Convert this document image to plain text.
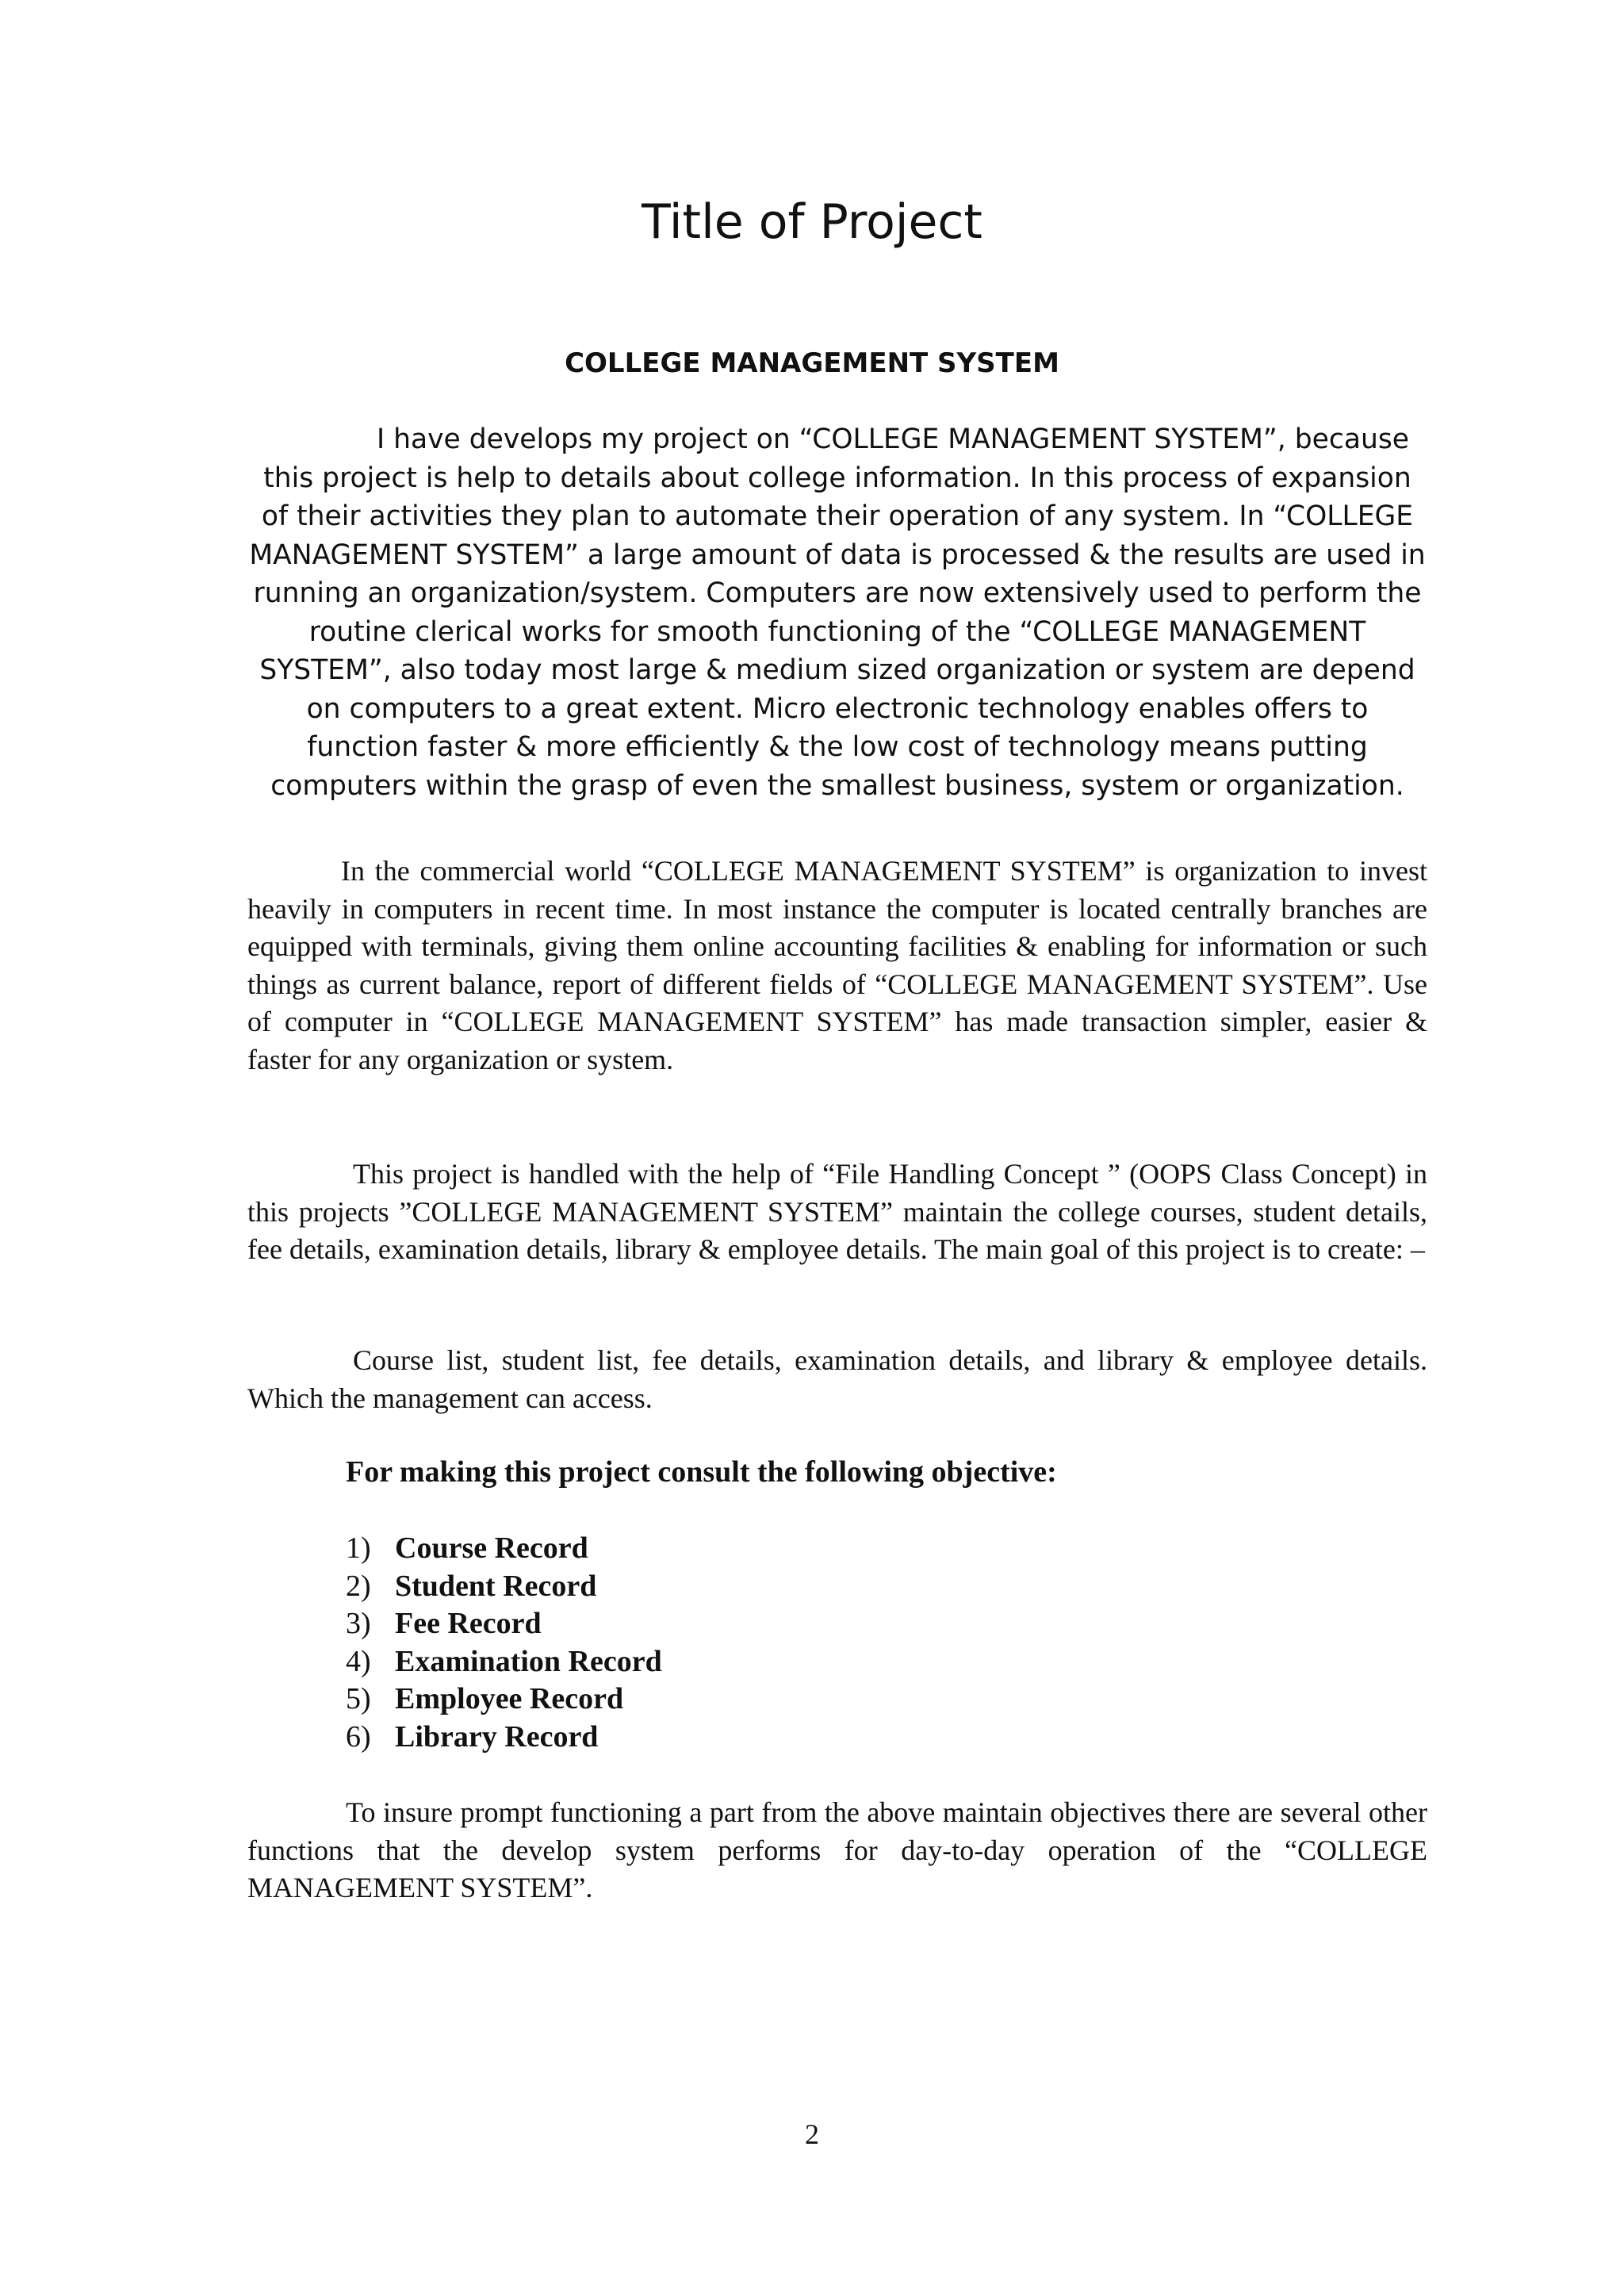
Title of Project
COLLEGE MANAGEMENT SYSTEM

I have develops my project on “COLLEGE MANAGEMENT SYSTEM”, because this project is help to details about college information. In this process of expansion of their activities they plan to automate their operation of any system. In “COLLEGE MANAGEMENT SYSTEM” a large amount of data is processed & the results are used in running an organization/system. Computers are now extensively used to perform the routine clerical works for smooth functioning of the “COLLEGE MANAGEMENT SYSTEM”, also today most large & medium sized organization or system are depend on computers to a great extent. Micro electronic technology enables offers to function faster & more efficiently & the low cost of technology means putting computers within the grasp of even the smallest business, system or organization.

In the commercial world “COLLEGE MANAGEMENT SYSTEM” is organization to invest heavily in computers in recent time. In most instance the computer is located centrally branches are equipped with terminals, giving them online accounting facilities & enabling for information or such things as current balance, report of different fields of “COLLEGE MANAGEMENT SYSTEM”. Use of computer in “COLLEGE MANAGEMENT SYSTEM” has made transaction simpler, easier & faster for any organization or system.

This project is handled with the help of “File Handling Concept ” (OOPS Class Concept) in this projects ”COLLEGE MANAGEMENT SYSTEM” maintain the college courses, student details, fee details, examination details, library & employee details. The main goal of this project is to create: –

Course list, student list, fee details, examination details, and library & employee details. Which the management can access.

For making this project consult the following objective:

1) Course Record
2) Student Record
3) Fee Record
4) Examination Record
5) Employee Record
6) Library Record

To insure prompt functioning a part from the above maintain objectives there are several other functions that the develop system performs for day-to-day operation of the “COLLEGE MANAGEMENT SYSTEM”.

2
